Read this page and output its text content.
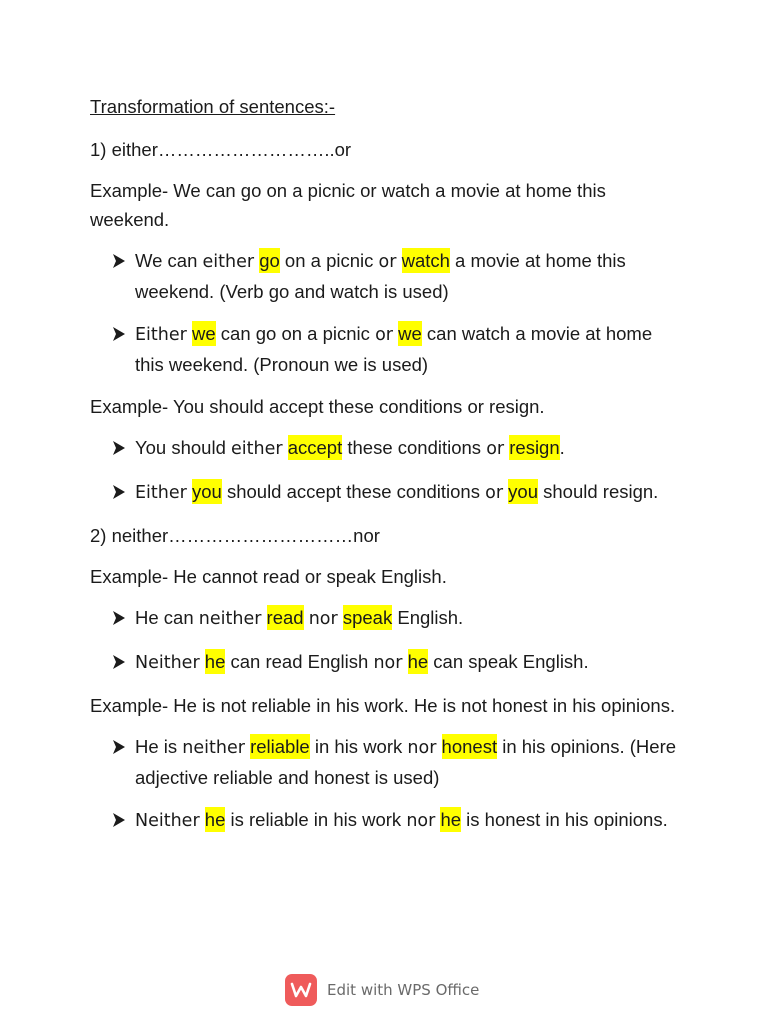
Transformation of sentences:-

1) either………………………..or

Example- We can go on a picnic or watch a movie at home this weekend.

We can either go on a picnic or watch a movie at home this weekend. (Verb go and watch is used)
Either we can go on a picnic or we can watch a movie at home this weekend. (Pronoun we is used)

Example- You should accept these conditions or resign.

You should either accept these conditions or resign.
Either you should accept these conditions or you should resign.

2) neither…………………………nor

Example- He cannot read or speak English.

He can neither read nor speak English.
Neither he can read English nor he can speak English.

Example- He is not reliable in his work. He is not honest in his opinions.

He is neither reliable in his work nor honest in his opinions. (Here adjective reliable and honest is used)
Neither he is reliable in his work nor he is honest in his opinions.
Edit with WPS Office
